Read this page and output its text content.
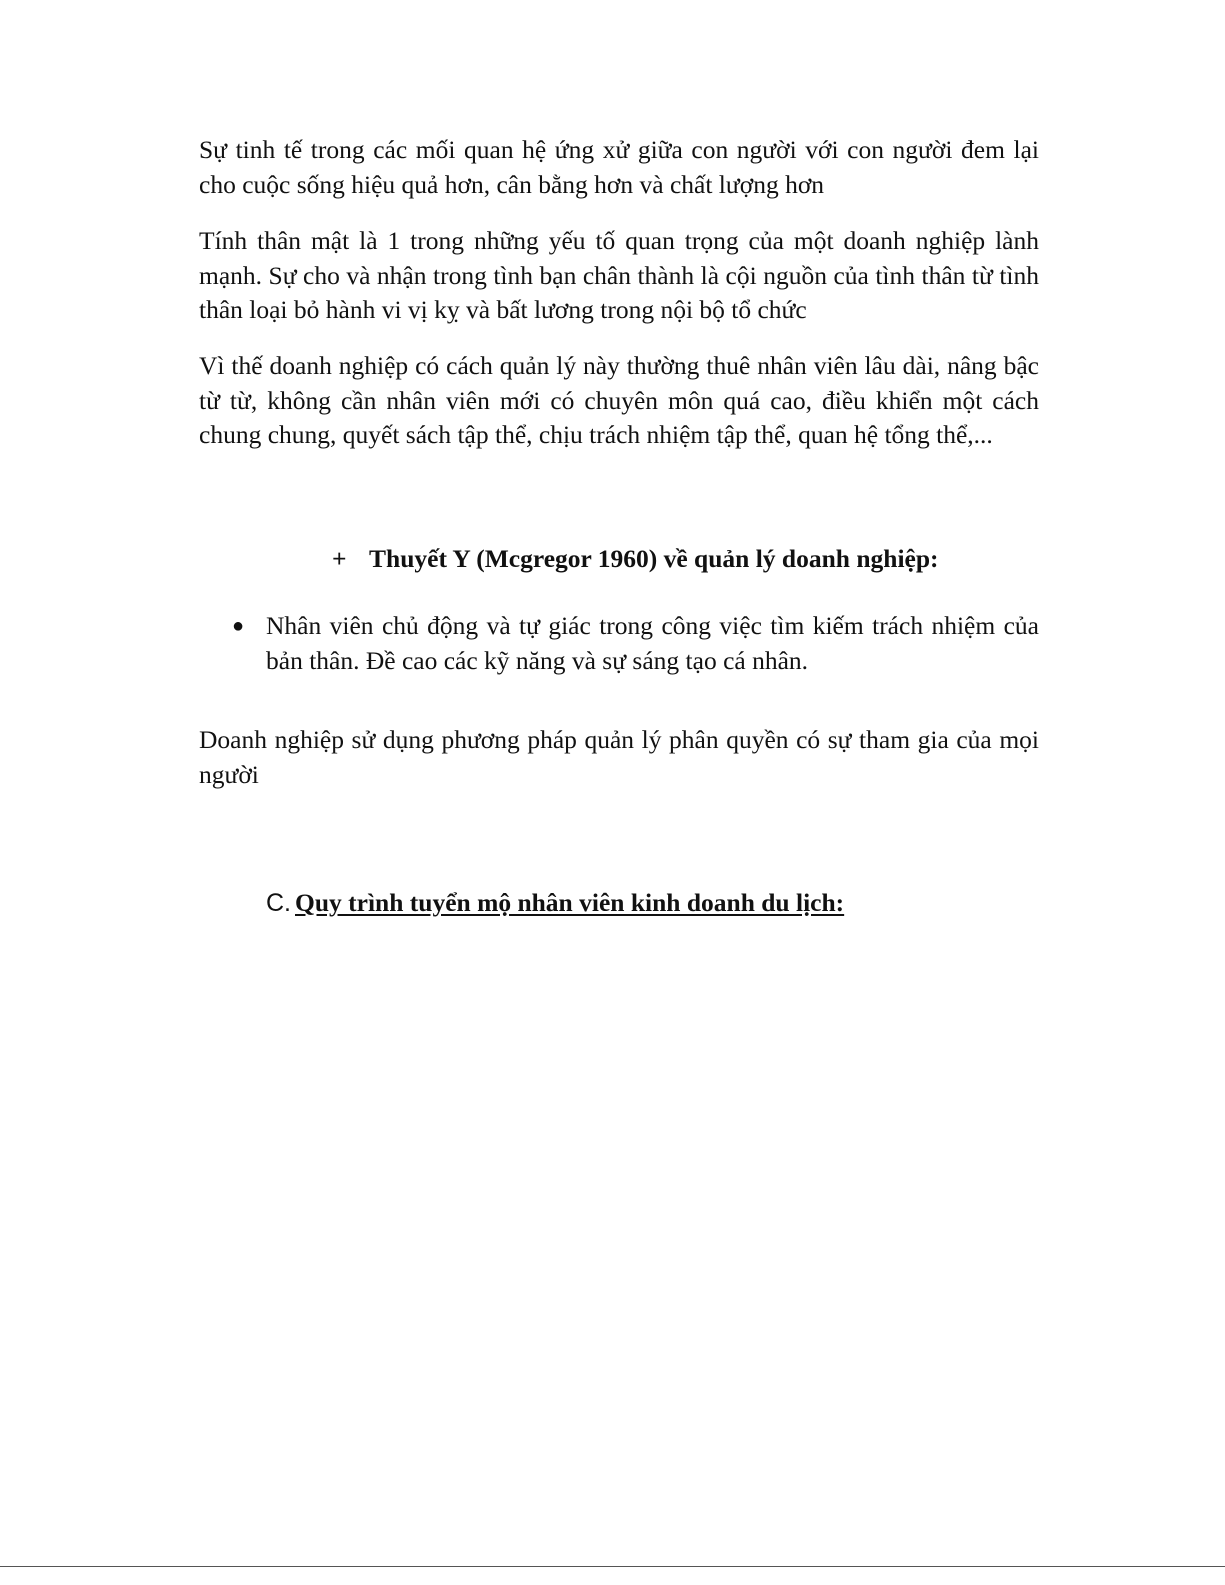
Sự tinh tế trong các mối quan hệ ứng xử giữa con người với con người đem lại
cho cuộc sống hiệu quả hơn, cân bằng hơn và chất lượng hơn

Tính thân mật là 1 trong những yếu tố quan trọng của một doanh nghiệp lành
mạnh. Sự cho và nhận trong tình bạn chân thành là cội nguồn của tình thân từ tình
thân loại bỏ hành vi vị kỵ và bất lương trong nội bộ tổ chức

Vì thế doanh nghiệp có cách quản lý này thường thuê nhân viên lâu dài, nâng bậc
từ từ, không cần nhân viên mới có chuyên môn quá cao, điều khiển một cách
chung chung, quyết sách tập thể, chịu trách nhiệm tập thể, quan hệ tổng thể,...

+ Thuyết Y (Mcgregor 1960) về quản lý doanh nghiệp:
● Nhân viên chủ động và tự giác trong công việc tìm kiếm trách nhiệm của
bản thân. Đề cao các kỹ năng và sự sáng tạo cá nhân.

Doanh nghiệp sử dụng phương pháp quản lý phân quyền có sự tham gia của mọi
người

C. Quy trình tuyển mộ nhân viên kinh doanh du lịch:
